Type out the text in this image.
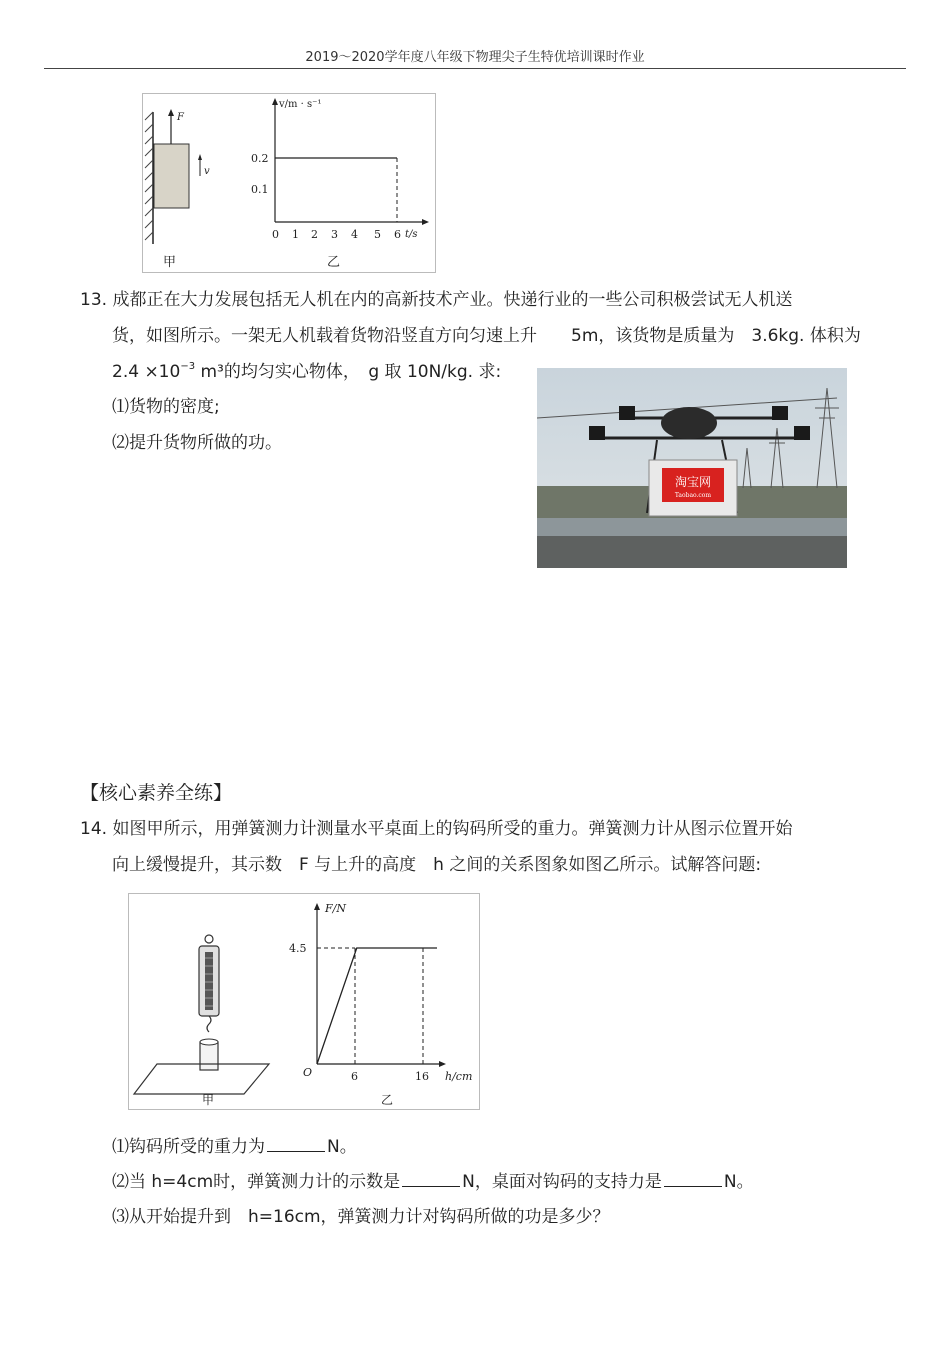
2019～2020学年度八年级下物理尖子生特优培训课时作业
F
v
甲
v/m · s⁻¹
t/s
0.2
0.1
0 1 2 3 4 5 6
乙
13. 成都正在大力发展包括无人机在内的高新技术产业。快递行业的一些公司积极尝试无人机送
货，如图所示。一架无人机载着货物沿竖直方向匀速上升　　5m，该货物是质量为　3.6kg. 体积为
$2.4 \times 10^{-3}$ m³的均匀实心物体，　g 取 10N/kg. 求:
⑴货物的密度;
⑵提升货物所做的功。
淘宝网
Taobao.com
【核心素养全练】
14. 如图甲所示，用弹簧测力计测量水平桌面上的钩码所受的重力。弹簧测力计从图示位置开始
向上缓慢提升，其示数　F 与上升的高度　h 之间的关系图象如图乙所示。试解答问题:
甲
F/N
h/cm
O
4.5
6	16
乙
⑴钩码所受的重力为	N。
⑵当 h=4cm时，弹簧测力计的示数是	N，桌面对钩码的支持力是	N。
⑶从开始提升到　h=16cm，弹簧测力计对钩码所做的功是多少？
